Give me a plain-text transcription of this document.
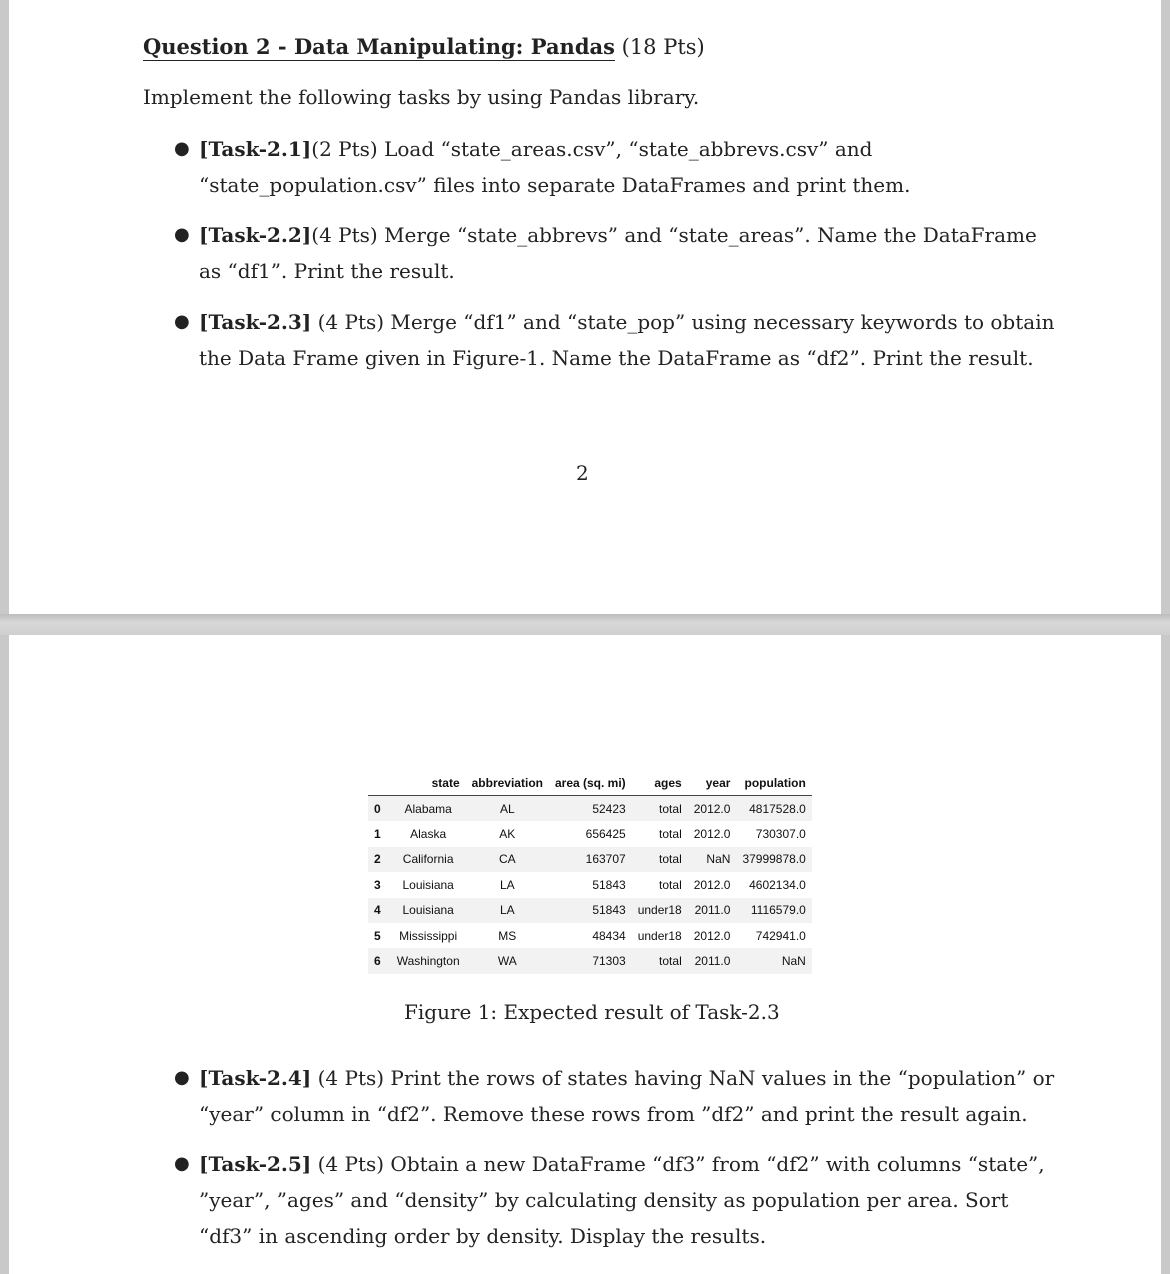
Question 2 - Data Manipulating: Pandas (18 Pts)
Implement the following tasks by using Pandas library.
● [Task-2.1](2 Pts) Load “state_areas.csv”, “state_abbrevs.csv” and “state_population.csv” files into separate DataFrames and print them.
● [Task-2.2](4 Pts) Merge “state_abbrevs” and “state_areas”. Name the DataFrame as “df1”. Print the result.
● [Task-2.3] (4 Pts) Merge “df1” and “state_pop” using necessary keywords to obtain the Data Frame given in Figure-1. Name the DataFrame as “df2”. Print the result.
2
	state	abbreviation	area (sq. mi)	ages	year	population
0	Alabama	AL	52423	total	2012.0	4817528.0
1	Alaska	AK	656425	total	2012.0	730307.0
2	California	CA	163707	total	NaN	37999878.0
3	Louisiana	LA	51843	total	2012.0	4602134.0
4	Louisiana	LA	51843	under18	2011.0	1116579.0
5	Mississippi	MS	48434	under18	2012.0	742941.0
6	Washington	WA	71303	total	2011.0	NaN
Figure 1: Expected result of Task-2.3
● [Task-2.4] (4 Pts) Print the rows of states having NaN values in the “population” or “year” column in “df2”. Remove these rows from ”df2” and print the result again.
● [Task-2.5] (4 Pts) Obtain a new DataFrame “df3” from “df2” with columns “state”, ”year”, ”ages” and “density” by calculating density as population per area. Sort “df3” in ascending order by density. Display the results.
